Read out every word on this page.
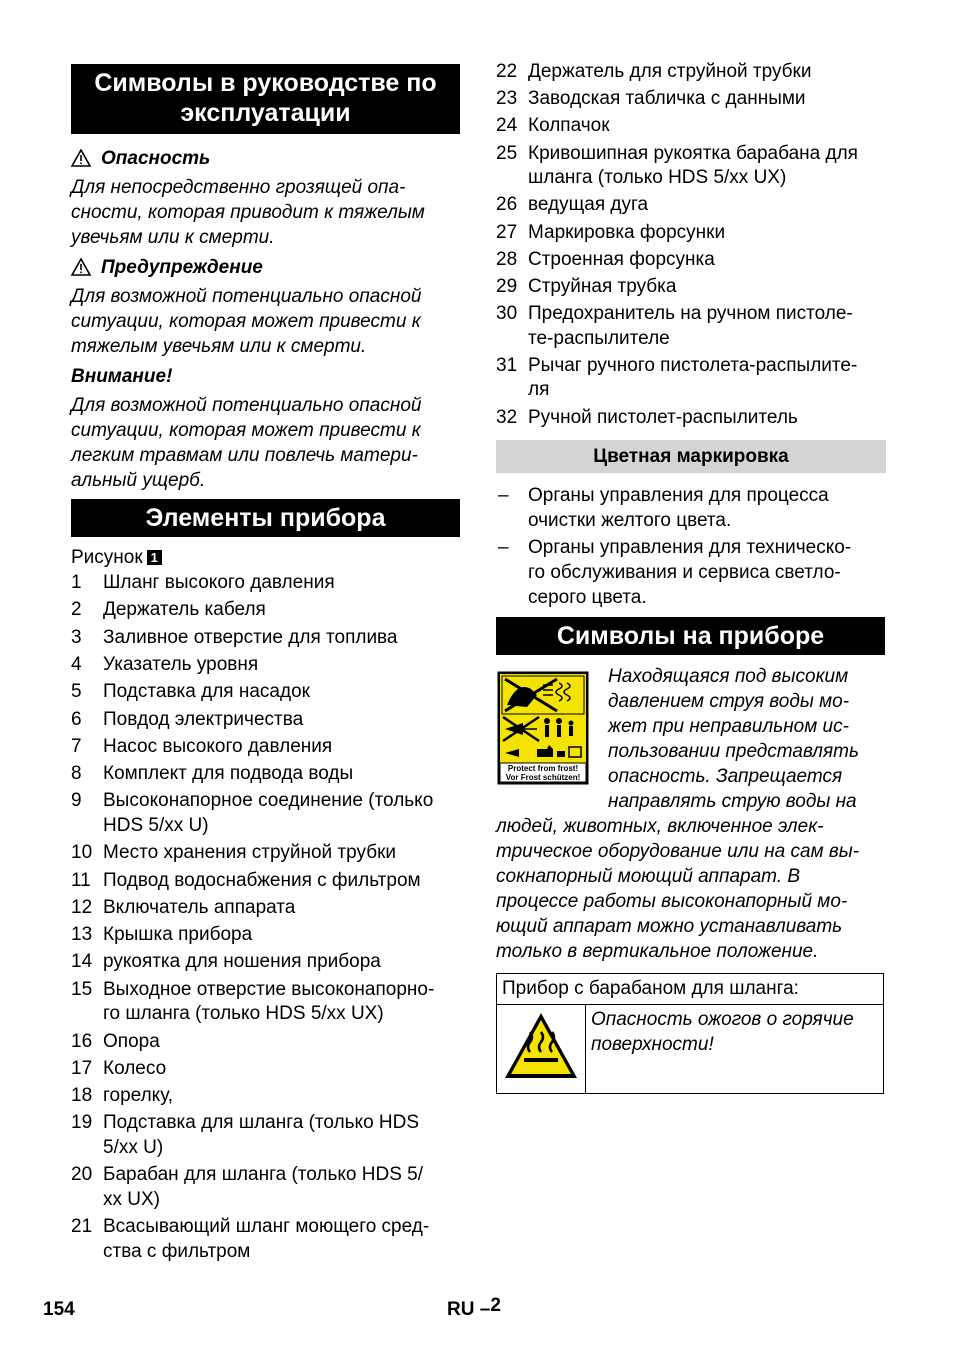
Символы в руководстве по
эксплуатации
Опасность
Для непосредственно грозящей опа-
сности, которая приводит к тяжелым
увечьям или к смерти.
Предупреждение
Для возможной потенциально опасной
ситуации, которая может привести к
тяжелым увечьям или к смерти.
Внимание!
Для возможной потенциально опасной
ситуации, которая может привести к
легким травмам или повлечь матери-
альный ущерб.
Элементы прибора
Рисунок 1
1	Шланг высокого давления
2	Держатель кабеля
3	Заливное отверстие для топлива
4	Указатель уровня
5	Подставка для насадок
6	Повдод электричества
7	Насос высокого давления
8	Комплект для подвода воды
9	Высоконапорное соединение (только
HDS 5/xx U)
10 Место хранения струйной трубки
11 Подвод водоснабжения с фильтром
12 Включатель аппарата
13 Крышка прибора
14 рукоятка для ношения прибора
15 Выходное отверстие высоконапорно-
го шланга (только HDS 5/xx UX)
16 Опора
17 Колесо
18 горелку,
19 Подставка для шланга (только HDS
5/xx U)
20 Барабан для шланга (только HDS 5/
xx UX)
21 Всасывающий шланг моющего сред-
ства с фильтром
22 Держатель для струйной трубки
23 Заводская табличка с данными
24 Колпачок
25 Кривошипная рукоятка барабана для
шланга (только HDS 5/xx UX)
26 ведущая дуга
27 Маркировка форсунки
28 Строенная форсунка
29 Струйная трубка
30 Предохранитель на ручном пистоле-
те-распылителе
31 Рычаг ручного пистолета-распылите-
ля
32 Ручной пистолет-распылитель
Цветная маркировка
– Органы управления для процесса
очистки желтого цвета.
– Органы управления для техническо-
го обслуживания и сервиса светло-
серого цвета.
Символы на приборе
Protect from frost!
Vor Frost schützen!
Находящаяся под высоким
давлением струя воды мо-
жет при неправильном ис-
пользовании представлять
опасность. Запрещается
направлять струю воды на
людей, животных, включенное элек-
трическое оборудование или на сам вы-
сокнапорный моющий аппарат. В
процессе работы высоконапорный мо-
ющий аппарат можно устанавливать
только в вертикальное положение.
Прибор с барабаном для шланга:

Опасность ожогов о горячие
поверхности!
154	RU –2
